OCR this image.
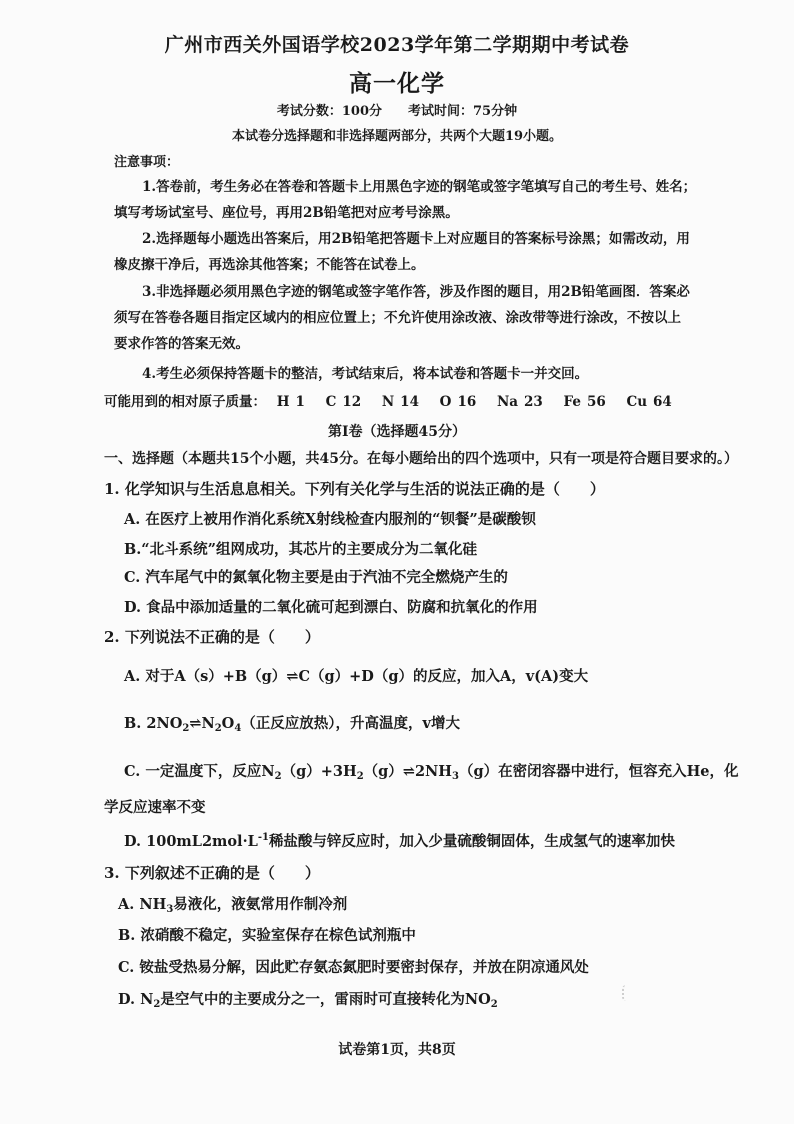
广州市西关外国语学校2023学年第二学期期中考试卷
高一化学
考试分数：100分　　考试时间：75分钟
本试卷分选择题和非选择题两部分，共两个大题19小题。
注意事项：
1.答卷前，考生务必在答卷和答题卡上用黑色字迹的钢笔或签字笔填写自己的考生号、姓名；
填写考场试室号、座位号，再用2B铅笔把对应考号涂黑。
2.选择题每小题选出答案后，用2B铅笔把答题卡上对应题目的答案标号涂黑；如需改动，用
橡皮擦干净后，再选涂其他答案；不能答在试卷上。
3.非选择题必须用黑色字迹的钢笔或签字笔作答，涉及作图的题目，用2B铅笔画图．答案必
须写在答卷各题目指定区域内的相应位置上；不允许使用涂改液、涂改带等进行涂改，不按以上
要求作答的答案无效。
4.考生必须保持答题卡的整洁，考试结束后，将本试卷和答题卡一并交回。
可能用到的相对原子质量： H 1 C 12 N 14 O 16 Na 23 Fe 56 Cu 64
第Ⅰ卷（选择题45分）
一、选择题（本题共15个小题，共45分。在每小题给出的四个选项中，只有一项是符合题目要求的。）
1. 化学知识与生活息息相关。下列有关化学与生活的说法正确的是（　　）
A. 在医疗上被用作消化系统X射线检查内服剂的“钡餐”是碳酸钡
B.“北斗系统”组网成功，其芯片的主要成分为二氧化硅
C. 汽车尾气中的氮氧化物主要是由于汽油不完全燃烧产生的
D. 食品中添加适量的二氧化硫可起到漂白、防腐和抗氧化的作用
2. 下列说法不正确的是（　　）
A. 对于A（s）+B（g）⇌C（g）+D（g）的反应，加入A，v(A)变大
B. $2NO_2\rightleftharpoons N_2O_4$（正反应放热），升高温度，v增大
C. 一定温度下，反应$N_2(g)+3H_2(g)\rightleftharpoons 2NH_3(g)$在密闭容器中进行，恒容充入He，化
学反应速率不变
D. $100mL2mol\cdot L^{-1}$稀盐酸与锌反应时，加入少量硫酸铜固体，生成氢气的速率加快
3. 下列叙述不正确的是（　　）
A. $NH_3$易液化，液氨常用作制冷剂
B. 浓硝酸不稳定，实验室保存在棕色试剂瓶中
C. 铵盐受热易分解，因此贮存氨态氮肥时要密封保存，并放在阴凉通风处
D. $N_2$是空气中的主要成分之一，雷雨时可直接转化为$NO_2$
试卷第1页，共8页
